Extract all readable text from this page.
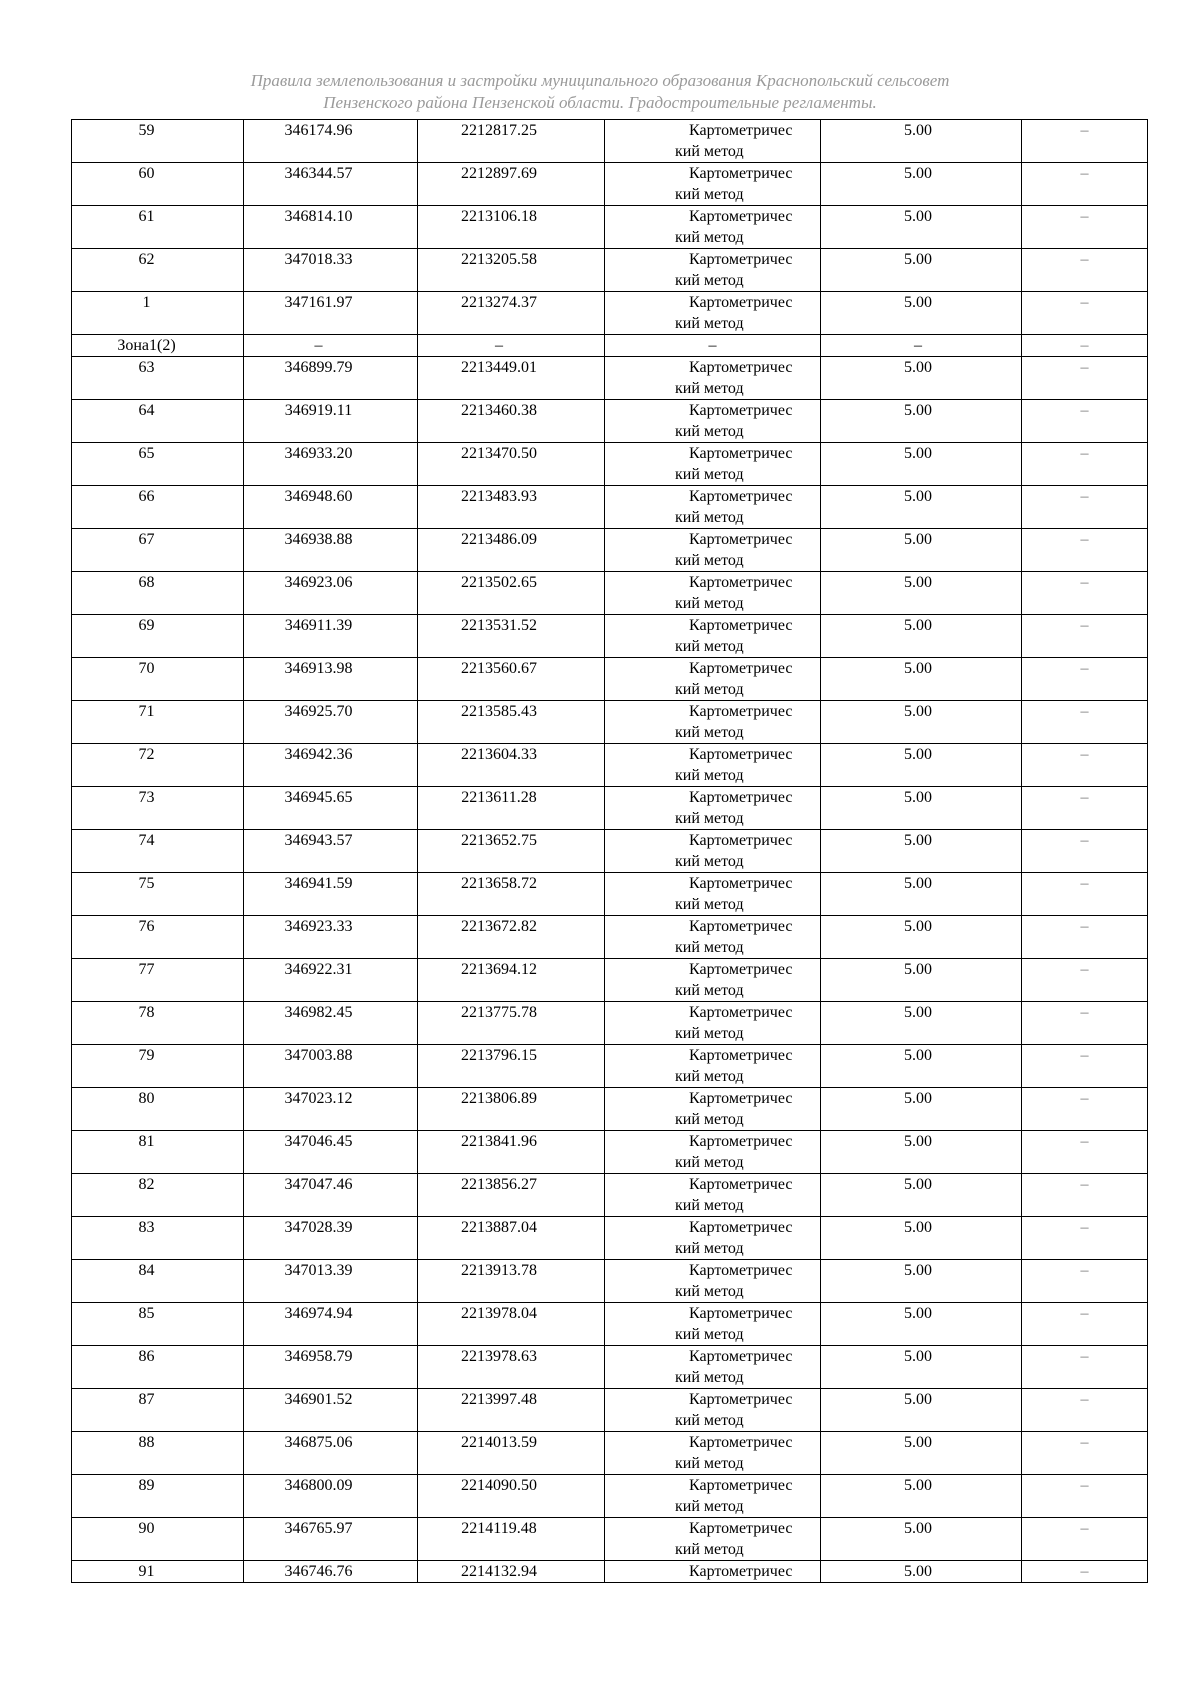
Правила землепользования и застройки муниципального образования Краснопольский сельсовет
Пензенского района Пензенской области. Градостроительные регламенты.
59	346174.96	2212817.25	Картометричес
кий метод	5.00	–
60	346344.57	2212897.69	Картометричес
кий метод	5.00	–
61	346814.10	2213106.18	Картометричес
кий метод	5.00	–
62	347018.33	2213205.58	Картометричес
кий метод	5.00	–
1	347161.97	2213274.37	Картометричес
кий метод	5.00	–
Зона1(2)	–	–	–	–	–
63	346899.79	2213449.01	Картометричес
кий метод	5.00	–
64	346919.11	2213460.38	Картометричес
кий метод	5.00	–
65	346933.20	2213470.50	Картометричес
кий метод	5.00	–
66	346948.60	2213483.93	Картометричес
кий метод	5.00	–
67	346938.88	2213486.09	Картометричес
кий метод	5.00	–
68	346923.06	2213502.65	Картометричес
кий метод	5.00	–
69	346911.39	2213531.52	Картометричес
кий метод	5.00	–
70	346913.98	2213560.67	Картометричес
кий метод	5.00	–
71	346925.70	2213585.43	Картометричес
кий метод	5.00	–
72	346942.36	2213604.33	Картометричес
кий метод	5.00	–
73	346945.65	2213611.28	Картометричес
кий метод	5.00	–
74	346943.57	2213652.75	Картометричес
кий метод	5.00	–
75	346941.59	2213658.72	Картометричес
кий метод	5.00	–
76	346923.33	2213672.82	Картометричес
кий метод	5.00	–
77	346922.31	2213694.12	Картометричес
кий метод	5.00	–
78	346982.45	2213775.78	Картометричес
кий метод	5.00	–
79	347003.88	2213796.15	Картометричес
кий метод	5.00	–
80	347023.12	2213806.89	Картометричес
кий метод	5.00	–
81	347046.45	2213841.96	Картометричес
кий метод	5.00	–
82	347047.46	2213856.27	Картометричес
кий метод	5.00	–
83	347028.39	2213887.04	Картометричес
кий метод	5.00	–
84	347013.39	2213913.78	Картометричес
кий метод	5.00	–
85	346974.94	2213978.04	Картометричес
кий метод	5.00	–
86	346958.79	2213978.63	Картометричес
кий метод	5.00	–
87	346901.52	2213997.48	Картометричес
кий метод	5.00	–
88	346875.06	2214013.59	Картометричес
кий метод	5.00	–
89	346800.09	2214090.50	Картометричес
кий метод	5.00	–
90	346765.97	2214119.48	Картометричес
кий метод	5.00	–
91	346746.76	2214132.94	Картометричес	5.00	–
